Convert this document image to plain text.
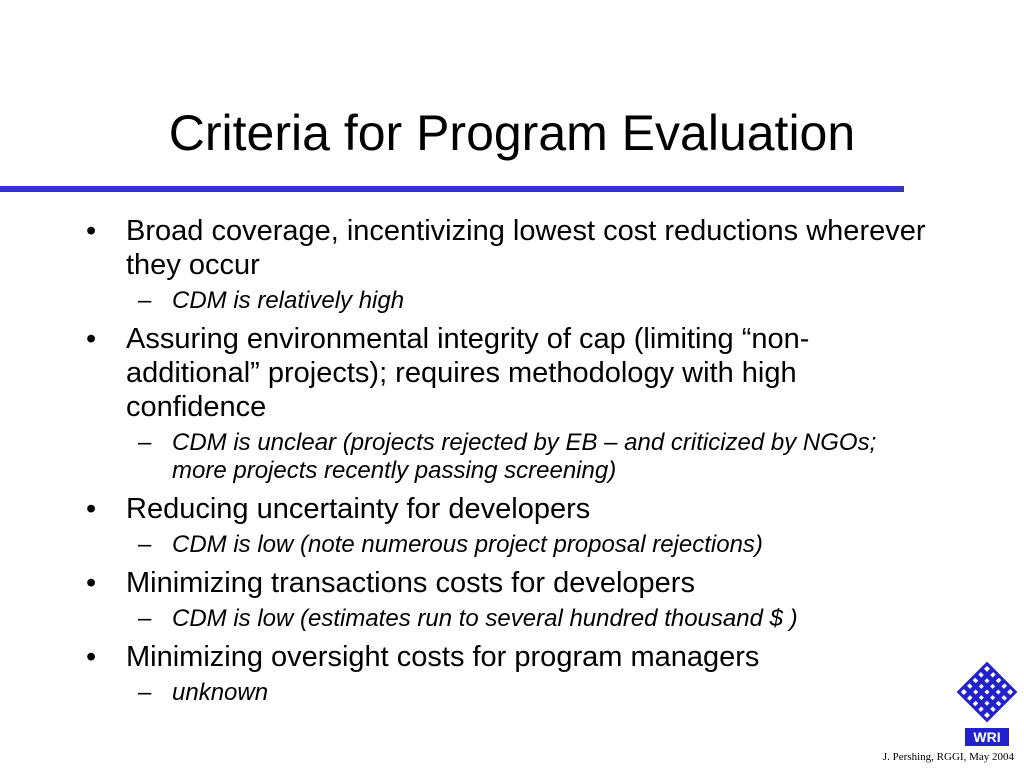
Criteria for Program Evaluation
• Broad coverage, incentivizing lowest cost reductions wherever they occur
– CDM is relatively high
• Assuring environmental integrity of cap (limiting “non-additional” projects); requires methodology with high confidence
– CDM is unclear (projects rejected by EB – and criticized by NGOs; more projects recently passing screening)
• Reducing uncertainty for developers
– CDM is low (note numerous project proposal rejections)
• Minimizing transactions costs for developers
– CDM is low (estimates run to several hundred thousand $ )
• Minimizing oversight costs for program managers
– unknown
WRI
J. Pershing, RGGI, May 2004
